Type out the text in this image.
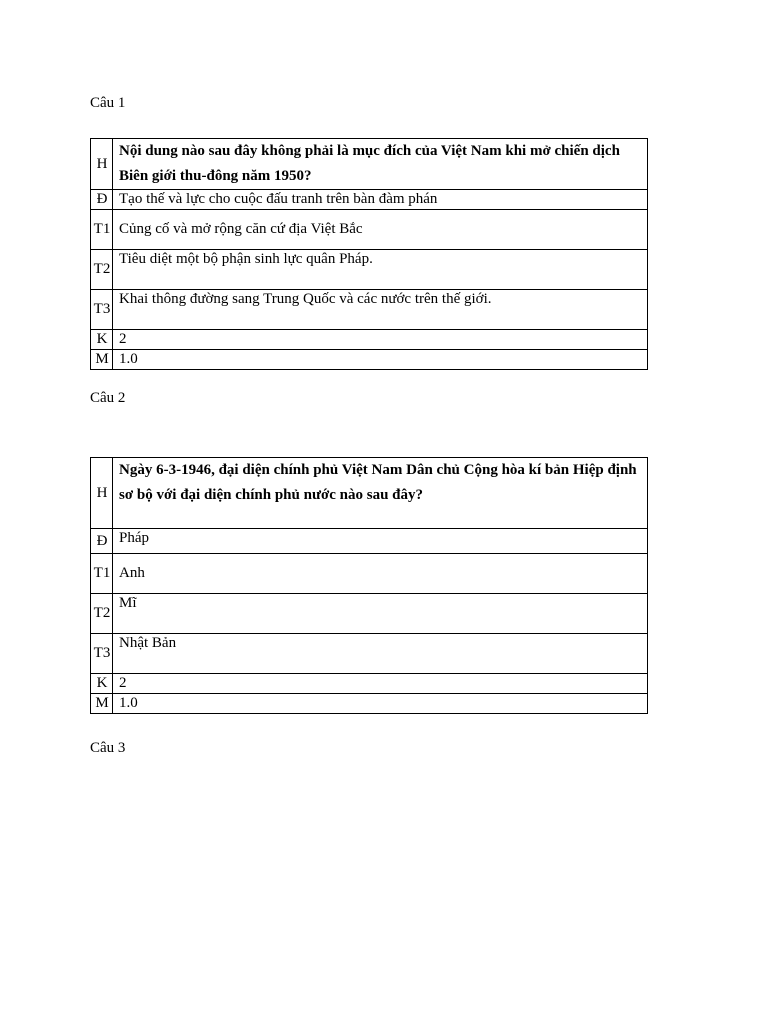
Câu 1
H	Nội dung nào sau đây không phải là mục đích của Việt Nam khi mở chiến dịch Biên giới thu-đông năm 1950?
Đ	Tạo thế và lực cho cuộc đấu tranh trên bàn đàm phán
T1	Củng cố và mở rộng căn cứ địa Việt Bắc
T2	Tiêu diệt một bộ phận sinh lực quân Pháp.
T3	Khai thông đường sang Trung Quốc và các nước trên thế giới.
K	2
M	1.0
Câu 2
H	Ngày 6-3-1946, đại diện chính phủ Việt Nam Dân chủ Cộng hòa kí bản Hiệp định sơ bộ với đại diện chính phủ nước nào sau đây?
Đ	Pháp
T1	Anh
T2	Mĩ
T3	Nhật Bản
K	2
M	1.0
Câu 3
